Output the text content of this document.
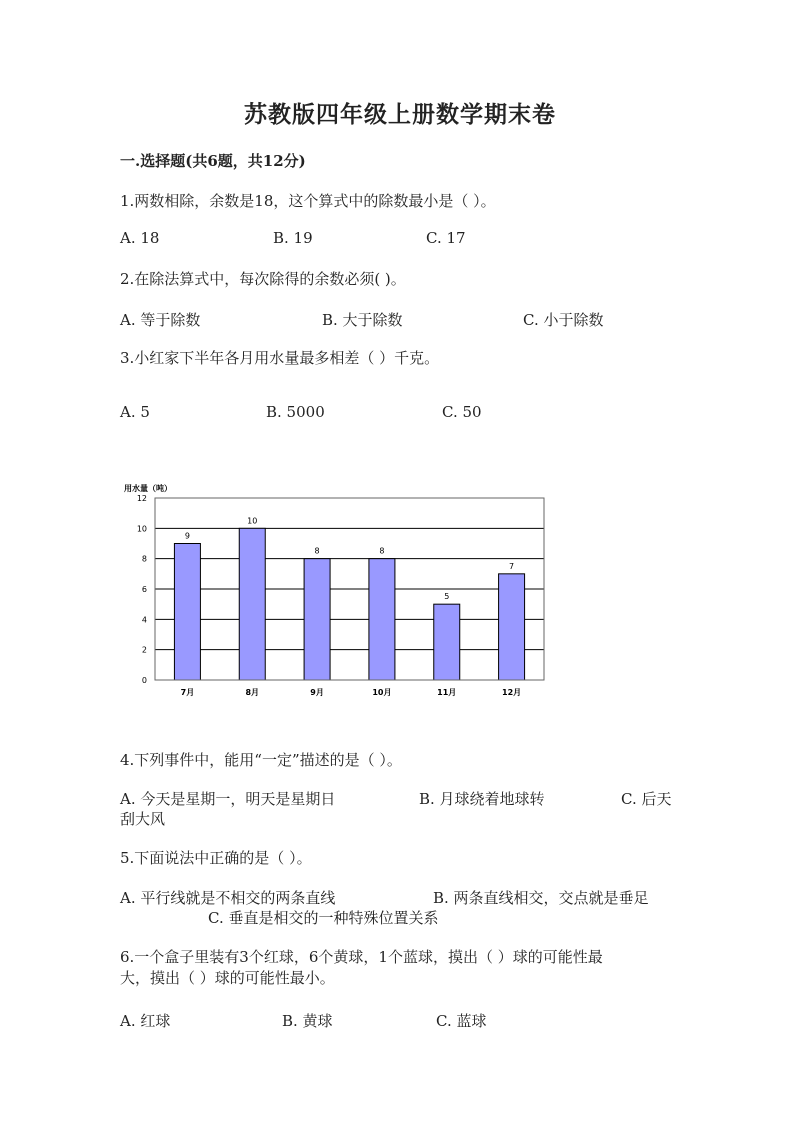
苏教版四年级上册数学期末卷
一.选择题(共6题，共12分)
1.两数相除，余数是18，这个算式中的除数最小是（ ）。
A. 18	B. 19	C. 17
2.在除法算式中，每次除得的余数必须( )。
A. 等于除数	B. 大于除数	C. 小于除数
3.小红家下半年各月用水量最多相差（ ）千克。
A. 5	B. 5000	C. 50
用水量（吨）
9
10
8	8
5
7
0
2
4
6
8
10
12
7月	8月	9月	10月	11月	12月
4.下列事件中，能用“一定”描述的是（ ）。
A. 今天是星期一，明天是星期日	B. 月球绕着地球转	C. 后天
刮大风
5.下面说法中正确的是（ ）。
A. 平行线就是不相交的两条直线	B. 两条直线相交，交点就是垂足
C. 垂直是相交的一种特殊位置关系
6.一个盒子里装有3个红球，6个黄球，1个蓝球，摸出（ ）球的可能性最
大，摸出（ ）球的可能性最小。
A. 红球	B. 黄球	C. 蓝球
